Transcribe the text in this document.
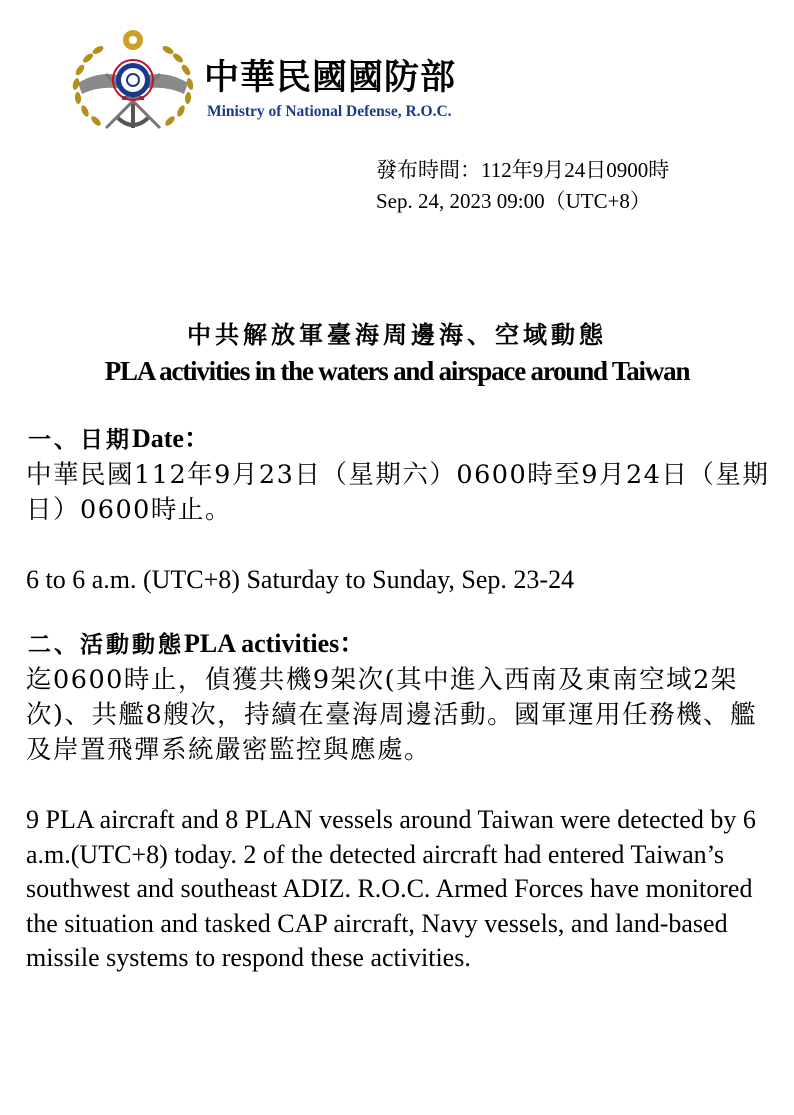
中華民國國防部
Ministry of National Defense, R.O.C.
發布時間：112年9月24日0900時
Sep. 24, 2023 09:00（UTC+8）
中共解放軍臺海周邊海、空域動態
PLA activities in the waters and airspace around Taiwan
一、日期Date：
中華民國112年9月23日（星期六）0600時至9月24日（星期日）0600時止。
6 to 6 a.m. (UTC+8) Saturday to Sunday, Sep. 23-24
二、活動動態PLA activities：
迄0600時止，偵獲共機9架次(其中進入西南及東南空域2架次)、共艦8艘次，持續在臺海周邊活動。國軍運用任務機、艦及岸置飛彈系統嚴密監控與應處。
9 PLA aircraft and 8 PLAN vessels around Taiwan were detected by 6 a.m.(UTC+8) today. 2 of the detected aircraft had entered Taiwan’s southwest and southeast ADIZ. R.O.C. Armed Forces have monitored the situation and tasked CAP aircraft, Navy vessels, and land-based missile systems to respond these activities.
